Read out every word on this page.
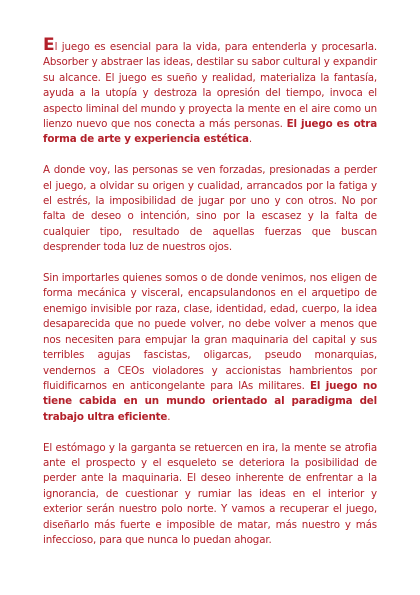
El juego es esencial para la vida, para entenderla y procesarla. Absorber y abstraer las ideas, destilar su sabor cultural y expandir su alcance. El juego es sueño y realidad, materializa la fantasía, ayuda a la utopía y destroza la opresión del tiempo, invoca el aspecto liminal del mundo y proyecta la mente en el aire como un lienzo nuevo que nos conecta a más personas. El juego es otra forma de arte y experiencia estética.

A donde voy, las personas se ven forzadas, presionadas a perder el juego, a olvidar su origen y cualidad, arrancados por la fatiga y el estrés, la imposibilidad de jugar por uno y con otros. No por falta de deseo o intención, sino por la escasez y la falta de cualquier tipo, resultado de aquellas fuerzas que buscan desprender toda luz de nuestros ojos.

Sin importarles quienes somos o de donde venimos, nos eligen de forma mecánica y visceral, encapsulandonos en el arquetipo de enemigo invisible por raza, clase, identidad, edad, cuerpo, la idea desaparecida que no puede volver, no debe volver a menos que nos necesiten para empujar la gran maquinaria del capital y sus terribles agujas fascistas, oligarcas, pseudo monarquias, vendernos a CEOs violadores y accionistas hambrientos por fluidificarnos en anticongelante para lAs militares. El juego no tiene cabida en un mundo orientado al paradigma del trabajo ultra eficiente.

El estómago y la garganta se retuercen en ira, la mente se atrofia ante el prospecto y el esqueleto se deteriora la posibilidad de perder ante la maquinaria. El deseo inherente de enfrentar a la ignorancia, de cuestionar y rumiar las ideas en el interior y exterior serán nuestro polo norte. Y vamos a recuperar el juego, diseñarlo más fuerte e imposible de matar, más nuestro y más infeccioso, para que nunca lo puedan ahogar.
